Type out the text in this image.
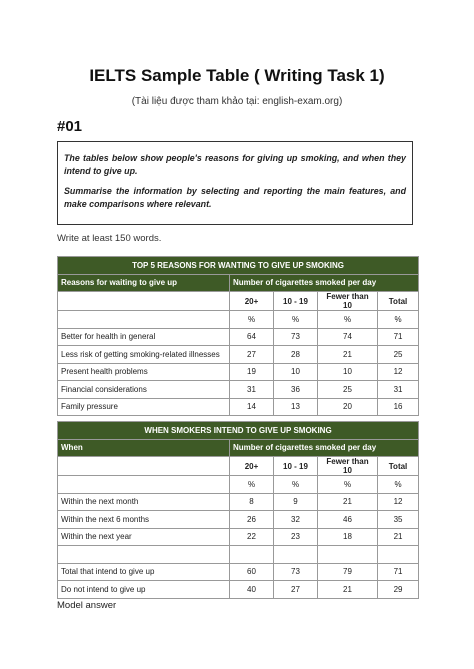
IELTS Sample Table ( Writing Task 1)
(Tài liệu được tham khảo tại: english-exam.org)
#01

The tables below show people's reasons for giving up smoking, and when they intend to give up.

Summarise the information by selecting and reporting the main features, and make comparisons where relevant.

Write at least 150 words.
TOP 5 REASONS FOR WANTING TO GIVE UP SMOKING				
Reasons for waiting to give up	Number of cigarettes smoked per day			
	20+	10 - 19	Fewer than 10	Total
	%	%	%	%
Better for health in general	64	73	74	71
Less risk of getting smoking-related illnesses	27	28	21	25
Present health problems	19	10	10	12
Financial considerations	31	36	25	31
Family pressure	14	13	20	16
WHEN SMOKERS INTEND TO GIVE UP SMOKING				
When	Number of cigarettes smoked per day			
	20+	10 - 19	Fewer than 10	Total
	%	%	%	%
Within the next month	8	9	21	12
Within the next 6 months	26	32	46	35
Within the next year	22	23	18	21

Total that intend to give up	60	73	79	71
Do not intend to give up	40	27	21	29
Model answer
